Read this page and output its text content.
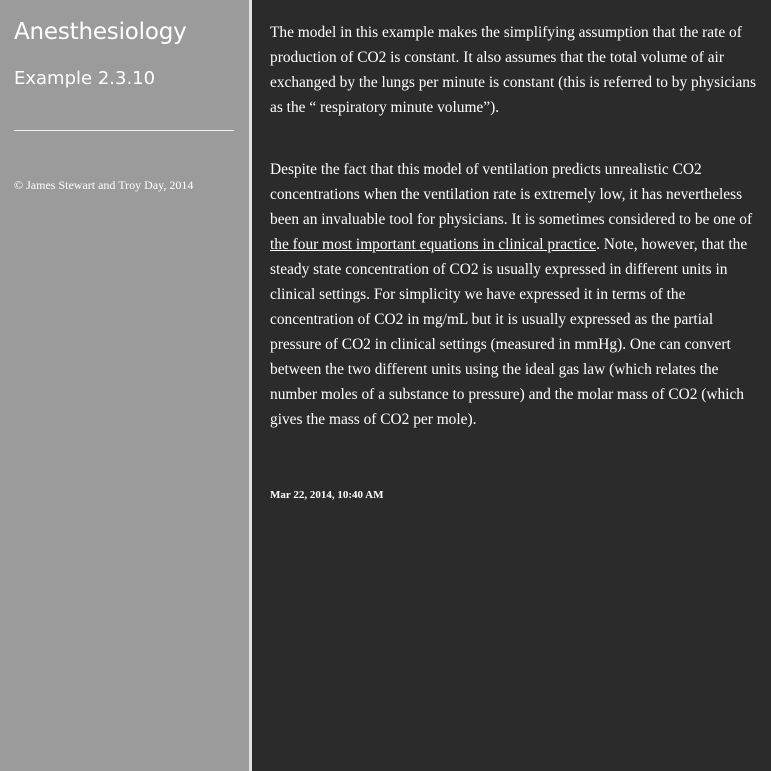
Anesthesiology
Example 2.3.10
© James Stewart and Troy Day, 2014

The model in this example makes the simplifying assumption that the rate of production of CO2 is constant. It also assumes that the total volume of air exchanged by the lungs per minute is constant (this is referred to by physicians as the “ respiratory minute volume”).

Despite the fact that this model of ventilation predicts unrealistic CO2 concentrations when the ventilation rate is extremely low, it has nevertheless been an invaluable tool for physicians. It is sometimes considered to be one of the four most important equations in clinical practice. Note, however, that the steady state concentration of CO2 is usually expressed in different units in clinical settings. For simplicity we have expressed it in terms of the concentration of CO2 in mg/mL but it is usually expressed as the partial pressure of CO2 in clinical settings (measured in mmHg). One can convert between the two different units using the ideal gas law (which relates the number moles of a substance to pressure) and the molar mass of CO2 (which gives the mass of CO2 per mole).

Mar 22, 2014, 10:40 AM
